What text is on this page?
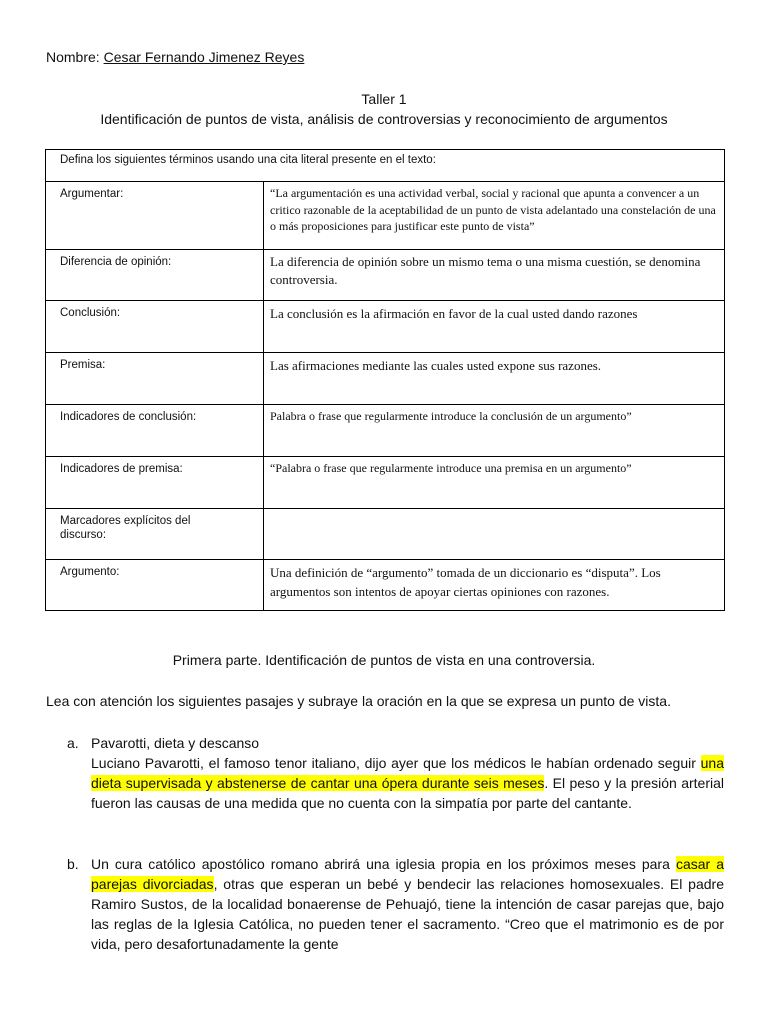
Nombre: Cesar Fernando Jimenez Reyes
Taller 1
Identificación de puntos de vista, análisis de controversias y reconocimiento de argumentos
Defina los siguientes términos usando una cita literal presente en el texto:	
Argumentar:	“La argumentación es una actividad verbal, social y racional que apunta a convencer a un critico razonable de la aceptabilidad de un punto de vista adelantado una constelación de una o más proposiciones para justificar este punto de vista”
Diferencia de opinión:	La diferencia de opinión sobre un mismo tema o una misma cuestión, se denomina controversia.
Conclusión:	La conclusión es la afirmación en favor de la cual usted dando razones
Premisa:	Las afirmaciones mediante las cuales usted expone sus razones.
Indicadores de conclusión:	Palabra o frase que regularmente introduce la conclusión de un argumento”
Indicadores de premisa:	“Palabra o frase que regularmente introduce una premisa en un argumento”
Marcadores explícitos del discurso:	
Argumento:	Una definición de “argumento” tomada de un diccionario es “disputa”. Los argumentos son intentos de apoyar ciertas opiniones con razones.
Primera parte. Identificación de puntos de vista en una controversia.
Lea con atención los siguientes pasajes y subraye la oración en la que se expresa un punto de vista.
a. Pavarotti, dieta y descanso
Luciano Pavarotti, el famoso tenor italiano, dijo ayer que los médicos le habían ordenado seguir una dieta supervisada y abstenerse de cantar una ópera durante seis meses. El peso y la presión arterial fueron las causas de una medida que no cuenta con la simpatía por parte del cantante.
b. Un cura católico apostólico romano abrirá una iglesia propia en los próximos meses para casar a parejas divorciadas, otras que esperan un bebé y bendecir las relaciones homosexuales. El padre Ramiro Sustos, de la localidad bonaerense de Pehuajó, tiene la intención de casar parejas que, bajo las reglas de la Iglesia Católica, no pueden tener el sacramento. “Creo que el matrimonio es de por vida, pero desafortunadamente la gente
